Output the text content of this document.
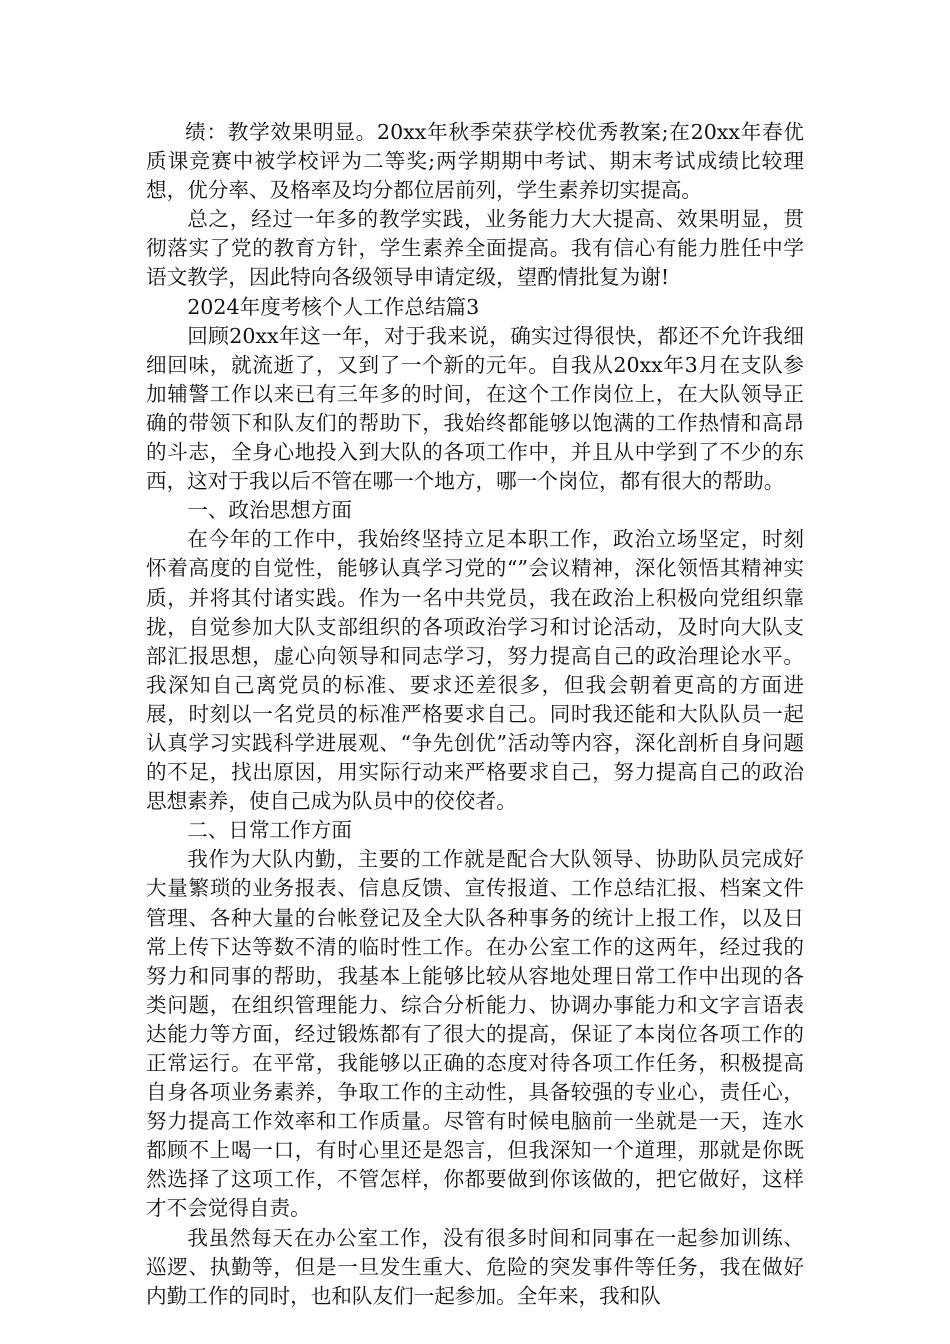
绩：教学效果明显。20xx年秋季荣获学校优秀教案;在20xx年春优质课竞赛中被学校评为二等奖;两学期期中考试、期末考试成绩比较理想，优分率、及格率及均分都位居前列，学生素养切实提高。

总之，经过一年多的教学实践，业务能力大大提高、效果明显，贯彻落实了党的教育方针，学生素养全面提高。我有信心有能力胜任中学语文教学，因此特向各级领导申请定级，望酌情批复为谢!

2024年度考核个人工作总结篇3

回顾20xx年这一年，对于我来说，确实过得很快，都还不允许我细细回味，就流逝了，又到了一个新的元年。自我从20xx年3月在支队参加辅警工作以来已有三年多的时间，在这个工作岗位上，在大队领导正确的带领下和队友们的帮助下，我始终都能够以饱满的工作热情和高昂的斗志，全身心地投入到大队的各项工作中，并且从中学到了不少的东西，这对于我以后不管在哪一个地方，哪一个岗位，都有很大的帮助。

一、政治思想方面

在今年的工作中，我始终坚持立足本职工作，政治立场坚定，时刻怀着高度的自觉性，能够认真学习党的“”会议精神，深化领悟其精神实质，并将其付诸实践。作为一名中共党员，我在政治上积极向党组织靠拢，自觉参加大队支部组织的各项政治学习和讨论活动，及时向大队支部汇报思想，虚心向领导和同志学习，努力提高自己的政治理论水平。我深知自己离党员的标准、要求还差很多，但我会朝着更高的方面进展，时刻以一名党员的标准严格要求自己。同时我还能和大队队员一起认真学习实践科学进展观、“争先创优”活动等内容，深化剖析自身问题的不足，找出原因，用实际行动来严格要求自己，努力提高自己的政治思想素养，使自己成为队员中的佼佼者。

二、日常工作方面

我作为大队内勤，主要的工作就是配合大队领导、协助队员完成好大量繁琐的业务报表、信息反馈、宣传报道、工作总结汇报、档案文件管理、各种大量的台帐登记及全大队各种事务的统计上报工作，以及日常上传下达等数不清的临时性工作。在办公室工作的这两年，经过我的努力和同事的帮助，我基本上能够比较从容地处理日常工作中出现的各类问题，在组织管理能力、综合分析能力、协调办事能力和文字言语表达能力等方面，经过锻炼都有了很大的提高，保证了本岗位各项工作的正常运行。在平常，我能够以正确的态度对待各项工作任务，积极提高自身各项业务素养，争取工作的主动性，具备较强的专业心，责任心，努力提高工作效率和工作质量。尽管有时候电脑前一坐就是一天，连水都顾不上喝一口，有时心里还是怨言，但我深知一个道理，那就是你既然选择了这项工作，不管怎样，你都要做到你该做的，把它做好，这样才不会觉得自责。

我虽然每天在办公室工作，没有很多时间和同事在一起参加训练、巡逻、执勤等，但是一旦发生重大、危险的突发事件等任务，我在做好内勤工作的同时，也和队友们一起参加。全年来，我和队
